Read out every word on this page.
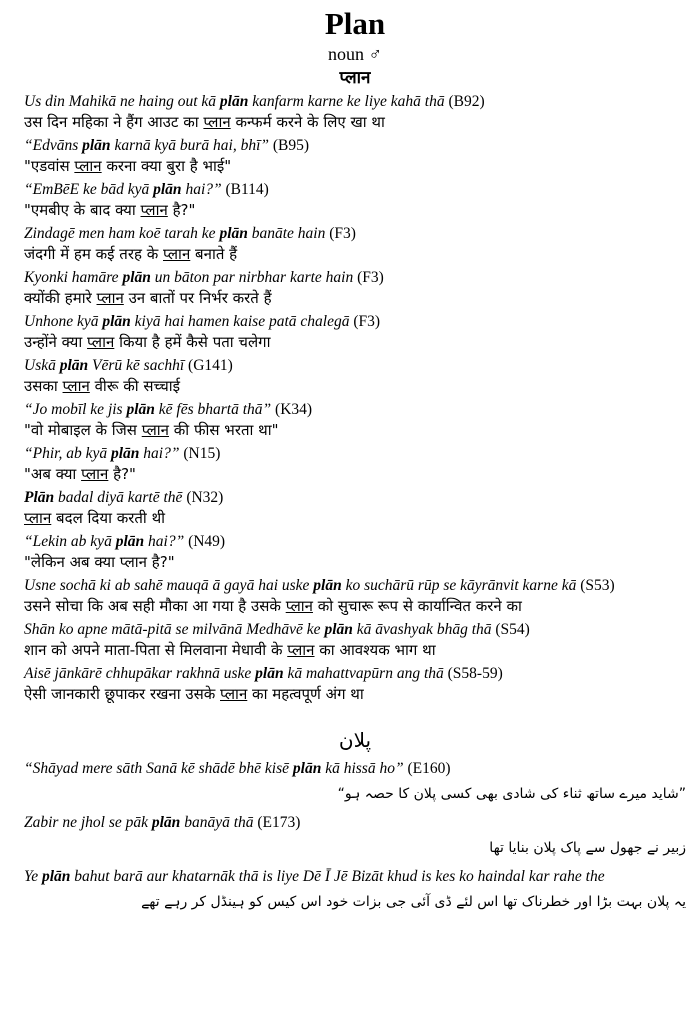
Plan
noun ♂
प्लान
Us din Mahikā ne haing out kā plān kanfarm karne ke liye kahā thā (B92)
उस दिन महिका ने हैंग आउट का प्लान कन्फर्म करने के लिए खा था
“Edvāns plān karnā kyā burā hai, bhī” (B95)
"एडवांस प्लान करना क्या बुरा है भाई"
“EmBēE ke bād kyā plān hai?” (B114)
"एमबीए के बाद क्या प्लान है?"
Zindagē men ham koē tarah ke plān banāte hain (F3)
जंदगी में हम कई तरह के प्लान बनाते हैं
Kyonki hamāre plān un bāton par nirbhar karte hain (F3)
क्योंकी हमारे प्लान उन बातों पर निर्भर करते हैं
Unhone kyā plān kiyā hai hamen kaise patā chalegā (F3)
उन्होंने क्या प्लान किया है हमें कैसे पता चलेगा
Uskā plān Vērū kē sachhī (G141)
उसका प्लान वीरू की सच्चाई
“Jo mobīl ke jis plān kē fēs bhartā thā” (K34)
"वो मोबाइल के जिस प्लान की फीस भरता था"
“Phir, ab kyā plān hai?” (N15)
"अब क्या प्लान है?"
Plān badal diyā kartē thē (N32)
प्लान बदल दिया करती थी
“Lekin ab kyā plān hai?” (N49)
"लेकिन अब क्या प्लान है?"
Usne sochā ki ab sahē mauqā ā gayā hai uske plān ko suchārū rūp se kāyrānvit karne kā (S53)
उसने सोचा कि अब सही मौका आ गया है उसके प्लान को सुचारू रूप से कार्यान्वित करने का
Shān ko apne mātā-pitā se milvānā Medhāvē ke plān kā āvashyak bhāg thā (S54)
शान को अपने माता-पिता से मिलवाना मेधावी के प्लान का आवश्यक भाग था
Aisē jānkārē chhupākar rakhnā uske plān kā mahattvapūrn ang thā (S58-59)
ऐसी जानकारी छूपाकर रखना उसके प्लान का महत्वपूर्ण अंग था
پلان
“Shāyad mere sāth Sanā kē shādē bhē kisē plān kā hissā ho” (E160)
”شاید میرے ساتھ ثناء کی شادی بھی کسی پلان کا حصہ ہو“
Zabir ne jhol se pāk plān banāyā thā (E173)
زبیر نے جھول سے پاک پلان بنایا تھا
Ye plān bahut barā aur khatarnāk thā is liye Dē Ī Jē Bizāt khud is kes ko haindal kar rahe the
یہ پلان بہت بڑا اور خطرناک تھا اس لئے ڈی آئی جی بزات خود اس کیس کو ہینڈل کر رہے تھے
